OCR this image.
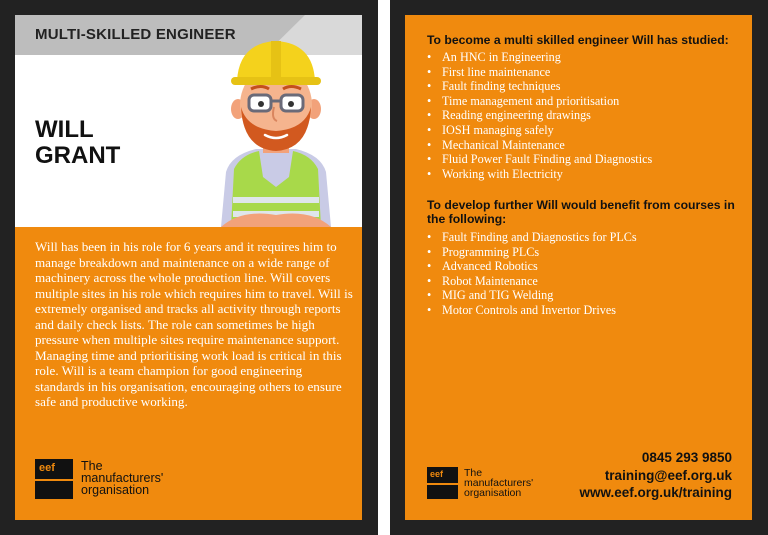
MULTI-SKILLED ENGINEER
WILL
GRANT
Will has been in his role for 6 years and it requires him to manage breakdown and maintenance on a wide range of machinery across the whole production line. Will covers multiple sites in his role which requires him to travel. Will is extremely organised and tracks all activity through reports and daily check lists. The role can sometimes be high pressure when multiple sites require maintenance support. Managing time and prioritising work load is critical in this role. Will is a team champion for good engineering standards in his organisation, encouraging others to ensure safe and productive working.
eef The
manufacturers'
organisation
To become a multi skilled engineer Will has studied:
• An HNC in Engineering
• First line maintenance
• Fault finding techniques
• Time management and prioritisation
• Reading engineering drawings
• IOSH managing safely
• Mechanical Maintenance
• Fluid Power Fault Finding and Diagnostics
• Working with Electricity
To develop further Will would benefit from courses in the following:
• Fault Finding and Diagnostics for PLCs
• Programming PLCs
• Advanced Robotics
• Robot Maintenance
• MIG and TIG Welding
• Motor Controls and Invertor Drives
eef The
manufacturers'
organisation
0845 293 9850
training@eef.org.uk
www.eef.org.uk/training
